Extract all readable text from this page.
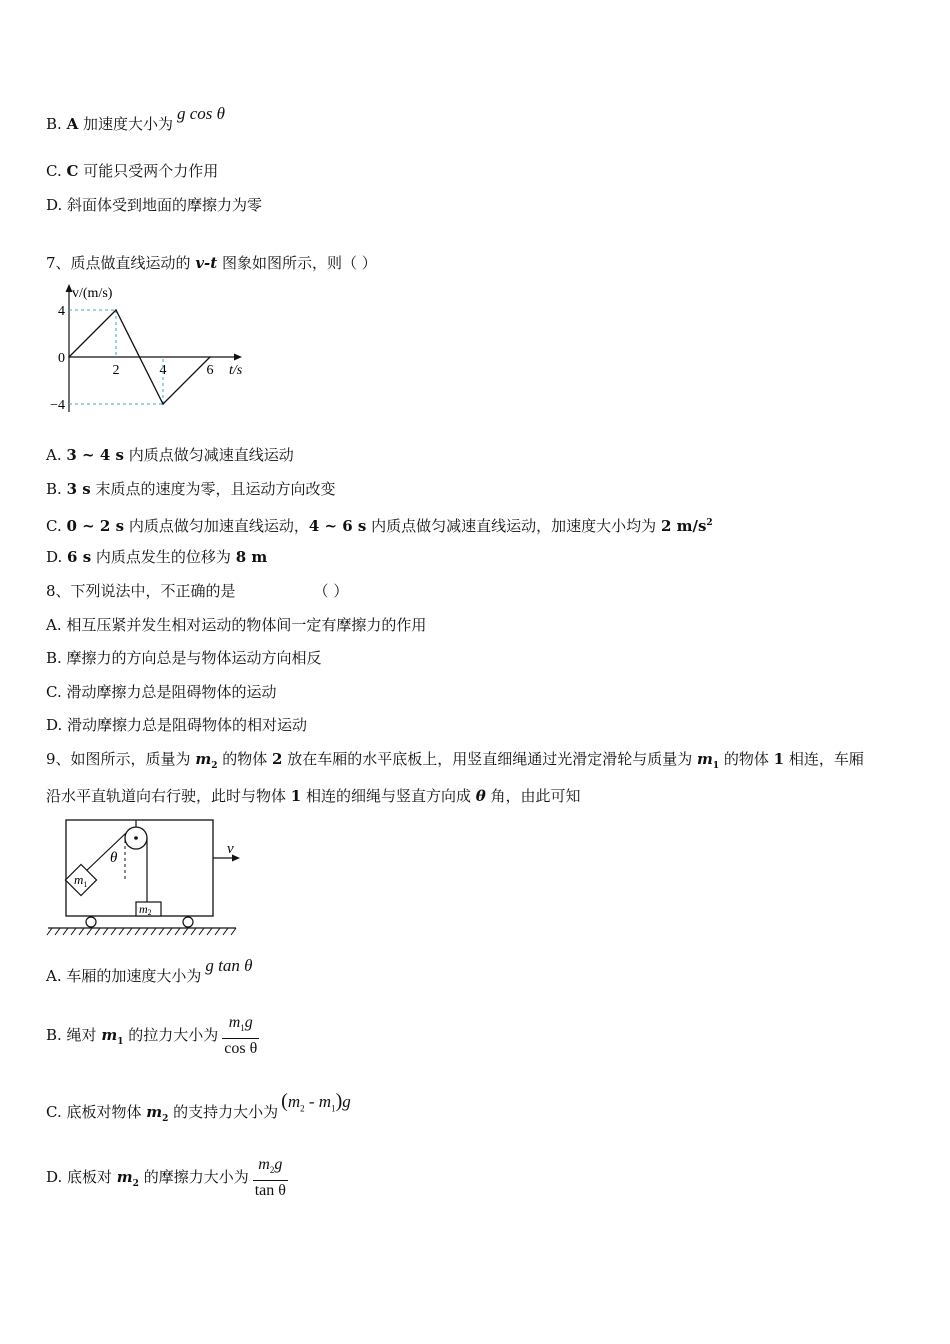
B. A 加速度大小为g cos θ
C. C 可能只受两个力作用
D. 斜面体受到地面的摩擦力为零
7、质点做直线运动的 v-t 图象如图所示，则（ ）
v/(m/s)
t/s
4
0
−4
2	4	6
A. 3 ~ 4 s 内质点做匀减速直线运动
B. 3 s 末质点的速度为零，且运动方向改变
C. 0 ~ 2 s 内质点做匀加速直线运动，4 ~ 6 s 内质点做匀减速直线运动，加速度大小均为 2 $m/s^2$
D. 6 s 内质点发生的位移为 8 m
8、下列说法中，不正确的是	（ ）
A. 相互压紧并发生相对运动的物体间一定有摩擦力的作用
B. 摩擦力的方向总是与物体运动方向相反
C. 滑动摩擦力总是阻碍物体的运动
D. 滑动摩擦力总是阻碍物体的相对运动
9、如图所示，质量为 $m_2$ 的物体 2 放在车厢的水平底板上，用竖直细绳通过光滑定滑轮与质量为 $m_1$ 的物体 1 相连，车厢
沿水平直轨道向右行驶，此时与物体 1 相连的细绳与竖直方向成 θ 角，由此可知
θ
$m_1$
m2
v
A. 车厢的加速度大小为g tan θ
B. 绳对 $m_1$ 的拉力大小为 $\frac{m_1g}{\text{cos θ}}$
C. 底板对物体 $m_2$ 的支持力大小为 $(m_2 - m_1)g$
D. 底板对 $m_2$ 的摩擦力大小为 $\frac{m_2g}{\text{tan θ}}$
